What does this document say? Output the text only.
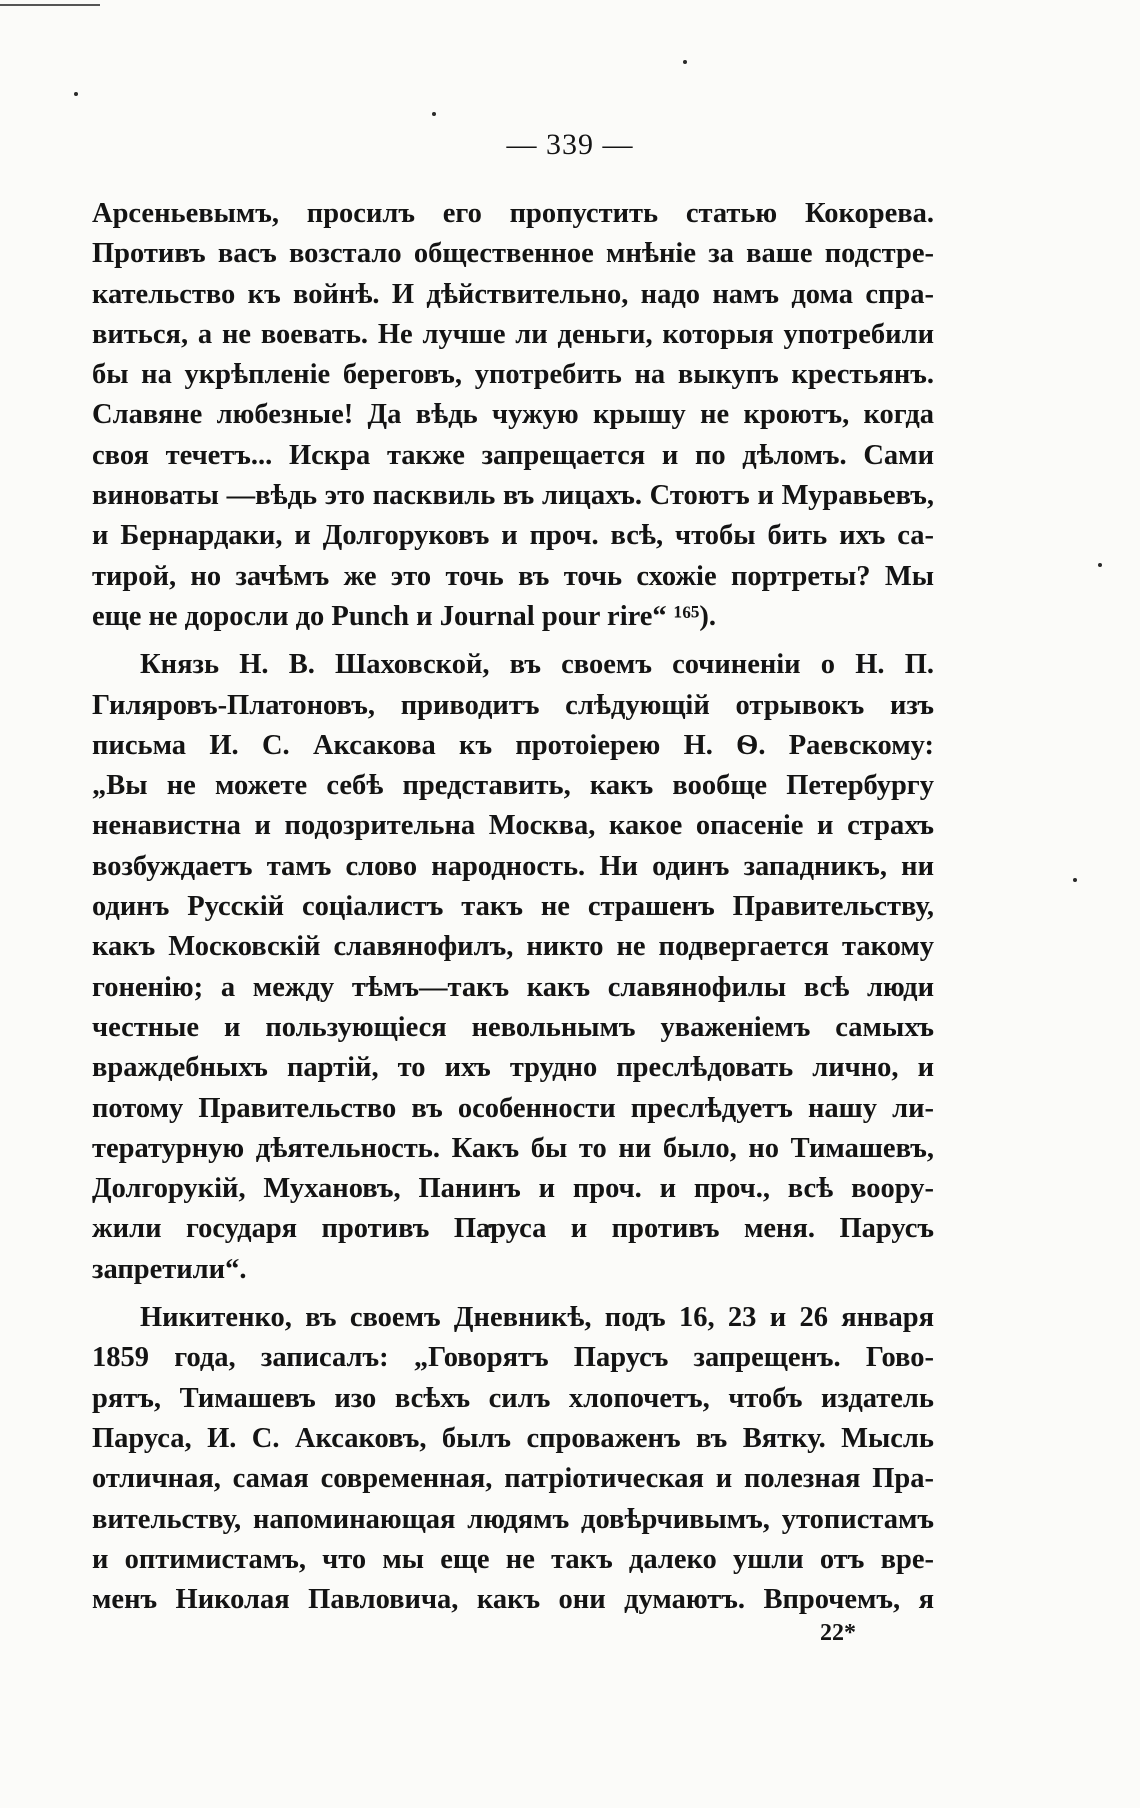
— 339 —
Арсеньевымъ, просилъ его пропустить статью Кокорева.
Противъ васъ возстало общественное мнѣніе за ваше подстре-
кательство къ войнѣ. И дѣйствительно, надо намъ дома спра-
виться, а не воевать. Не лучше ли деньги, которыя употребили
бы на укрѣпленіе береговъ, употребить на выкупъ крестьянъ.
Славяне любезные! Да вѣдь чужую крышу не кроютъ, когда
своя течетъ... Искра также запрещается и по дѣломъ. Сами
виноваты —вѣдь это пасквиль въ лицахъ. Стоютъ и Муравьевъ,
и Бернардаки, и Долгоруковъ и проч. всѣ, чтобы бить ихъ са-
тирой, но зачѣмъ же это точь въ точь схожіе портреты? Мы
еще не доросли до Punch и Journal pour rire“ ¹⁶⁵).
Князь Н. В. Шаховской, въ своемъ сочиненіи о Н. П.
Гиляровъ-Платоновъ, приводитъ слѣдующій отрывокъ изъ
письма И. С. Аксакова къ протоіерею Н. Ѳ. Раевскому:
„Вы не можете себѣ представить, какъ вообще Петербургу
ненавистна и подозрительна Москва, какое опасеніе и страхъ
возбуждаетъ тамъ слово народность. Ни одинъ западникъ, ни
одинъ Русскій соціалистъ такъ не страшенъ Правительству,
какъ Московскій славянофилъ, никто не подвергается такому
гоненію; а между тѣмъ—такъ какъ славянофилы всѣ люди
честные и пользующіеся невольнымъ уваженіемъ самыхъ
враждебныхъ партій, то ихъ трудно преслѣдовать лично, и
потому Правительство въ особенности преслѣдуетъ нашу ли-
тературную дѣятельность. Какъ бы то ни было, но Тимашевъ,
Долгорукій, Мухановъ, Панинъ и проч. и проч., всѣ воору-
жили государя противъ Паруса и противъ меня. Парусъ
запретили“.
Никитенко, въ своемъ Дневникѣ, подъ 16, 23 и 26 января
1859 года, записалъ: „Говорятъ Парусъ запрещенъ. Гово-
рятъ, Тимашевъ изо всѣхъ силъ хлопочетъ, чтобъ издатель
Паруса, И. С. Аксаковъ, былъ спроваженъ въ Вятку. Мысль
отличная, самая современная, патріотическая и полезная Пра-
вительству, напоминающая людямъ довѣрчивымъ, утопистамъ
и оптимистамъ, что мы еще не такъ далеко ушли отъ вре-
менъ Николая Павловича, какъ они думаютъ. Впрочемъ, я
22*
